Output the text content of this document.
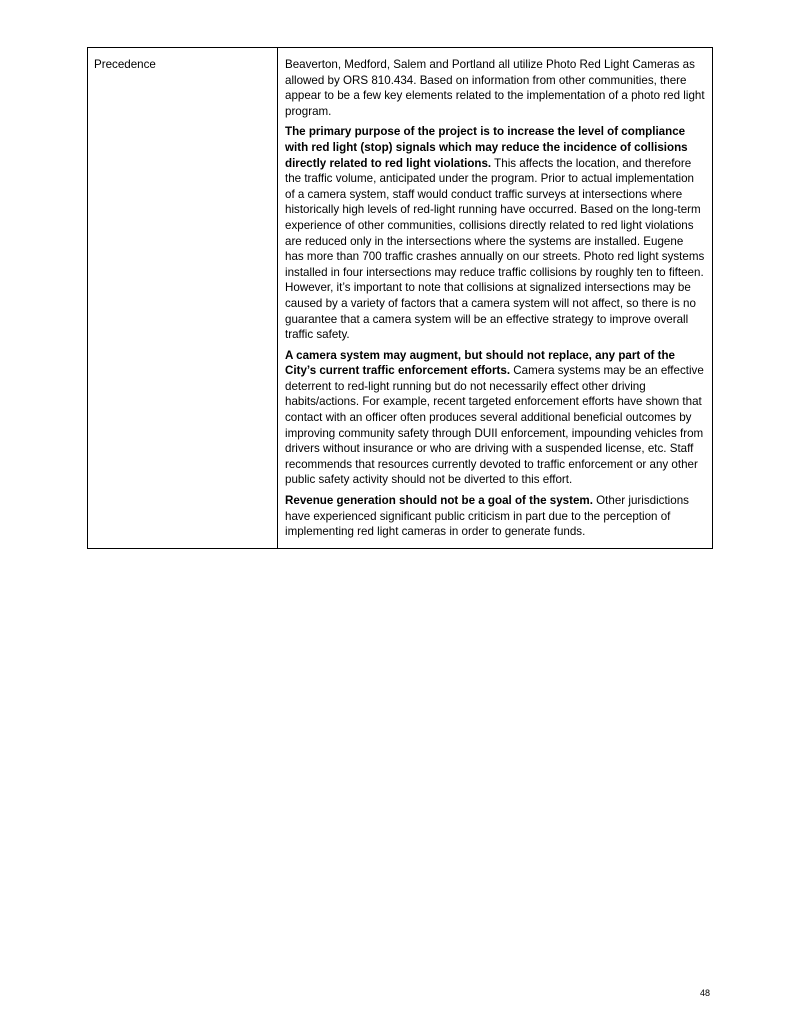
Precedence	Beaverton, Medford, Salem and Portland all utilize Photo Red Light Cameras as allowed by ORS 810.434. Based on information from other communities, there appear to be a few key elements related to the implementation of a photo red light program.

The primary purpose of the project is to increase the level of compliance with red light (stop) signals which may reduce the incidence of collisions directly related to red light violations. This affects the location, and therefore the traffic volume, anticipated under the program. Prior to actual implementation of a camera system, staff would conduct traffic surveys at intersections where historically high levels of red-light running have occurred. Based on the long-term experience of other communities, collisions directly related to red light violations are reduced only in the intersections where the systems are installed. Eugene has more than 700 traffic crashes annually on our streets. Photo red light systems installed in four intersections may reduce traffic collisions by roughly ten to fifteen. However, it’s important to note that collisions at signalized intersections may be caused by a variety of factors that a camera system will not affect, so there is no guarantee that a camera system will be an effective strategy to improve overall traffic safety.

A camera system may augment, but should not replace, any part of the City’s current traffic enforcement efforts. Camera systems may be an effective deterrent to red-light running but do not necessarily effect other driving habits/actions. For example, recent targeted enforcement efforts have shown that contact with an officer often produces several additional beneficial outcomes by improving community safety through DUII enforcement, impounding vehicles from drivers without insurance or who are driving with a suspended license, etc. Staff recommends that resources currently devoted to traffic enforcement or any other public safety activity should not be diverted to this effort.

Revenue generation should not be a goal of the system. Other jurisdictions have experienced significant public criticism in part due to the perception of implementing red light cameras in order to generate funds.

48
